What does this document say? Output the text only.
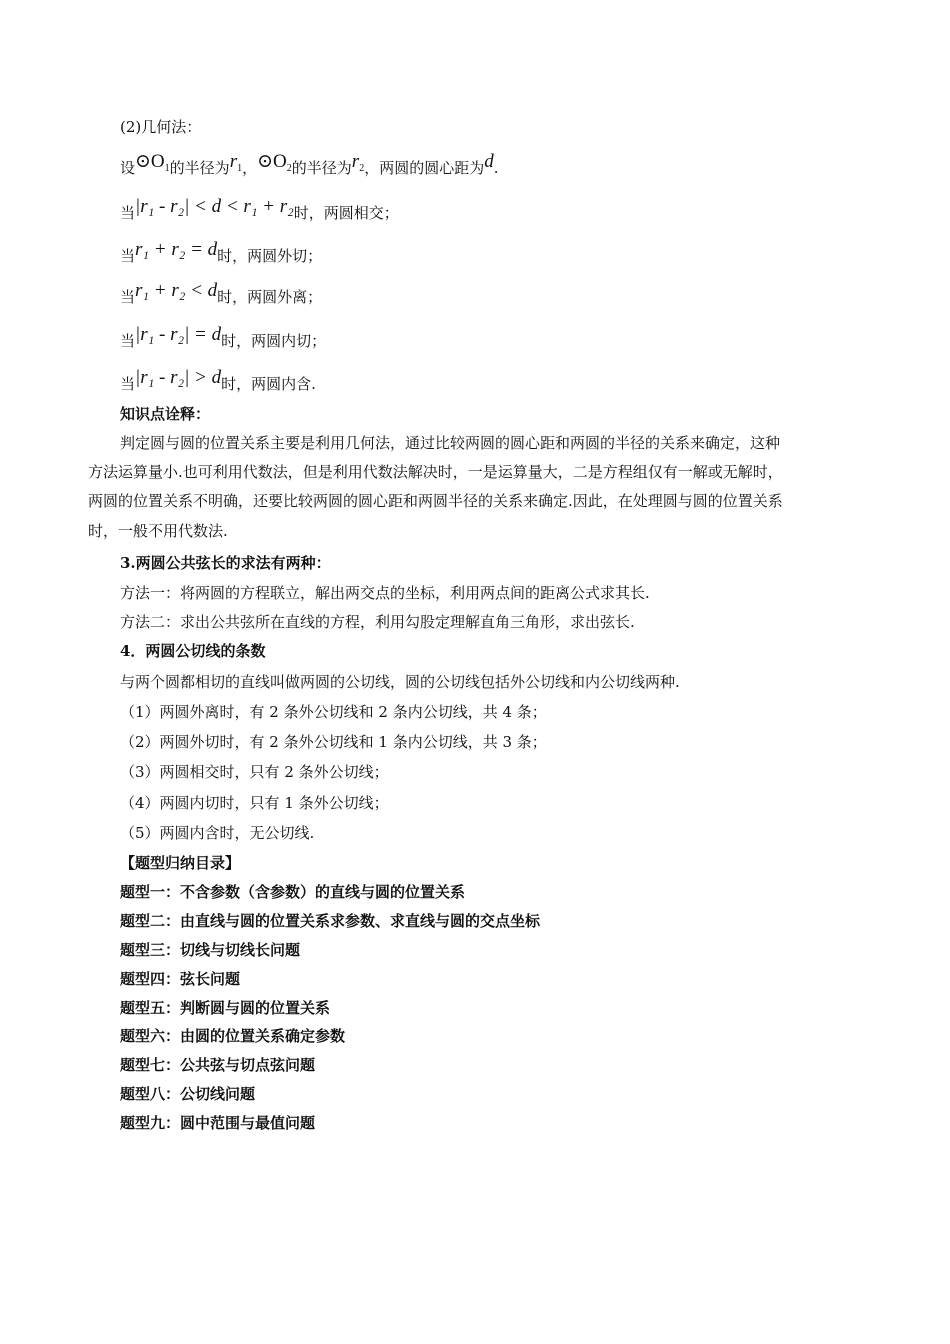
(2)几何法：
设$⊙O_1$的半径为$r_1$，$⊙O_2$的半径为$r_2$，两圆的圆心距为d.
当|r₁ - r₂| < d < r₁ + r₂时，两圆相交；
当r₁ + r₂ = d时，两圆外切；
当r₁ + r₂ < d时，两圆外离；
当|r₁ - r₂| = d时，两圆内切；
当|r₁ - r₂| > d时，两圆内含.
知识点诠释：
判定圆与圆的位置关系主要是利用几何法，通过比较两圆的圆心距和两圆的半径的关系来确定，这种
方法运算量小.也可利用代数法，但是利用代数法解决时，一是运算量大，二是方程组仅有一解或无解时，
两圆的位置关系不明确，还要比较两圆的圆心距和两圆半径的关系来确定.因此，在处理圆与圆的位置关系
时，一般不用代数法.
3.两圆公共弦长的求法有两种：
方法一：将两圆的方程联立，解出两交点的坐标，利用两点间的距离公式求其长.
方法二：求出公共弦所在直线的方程，利用勾股定理解直角三角形，求出弦长.
4．两圆公切线的条数
与两个圆都相切的直线叫做两圆的公切线，圆的公切线包括外公切线和内公切线两种.
（1）两圆外离时，有 2 条外公切线和 2 条内公切线，共 4 条；
（2）两圆外切时，有 2 条外公切线和 1 条内公切线，共 3 条；
（3）两圆相交时，只有 2 条外公切线；
（4）两圆内切时，只有 1 条外公切线；
（5）两圆内含时，无公切线.
【题型归纳目录】
题型一：不含参数（含参数）的直线与圆的位置关系
题型二：由直线与圆的位置关系求参数、求直线与圆的交点坐标
题型三：切线与切线长问题
题型四：弦长问题
题型五：判断圆与圆的位置关系
题型六：由圆的位置关系确定参数
题型七：公共弦与切点弦问题
题型八：公切线问题
题型九：圆中范围与最值问题
